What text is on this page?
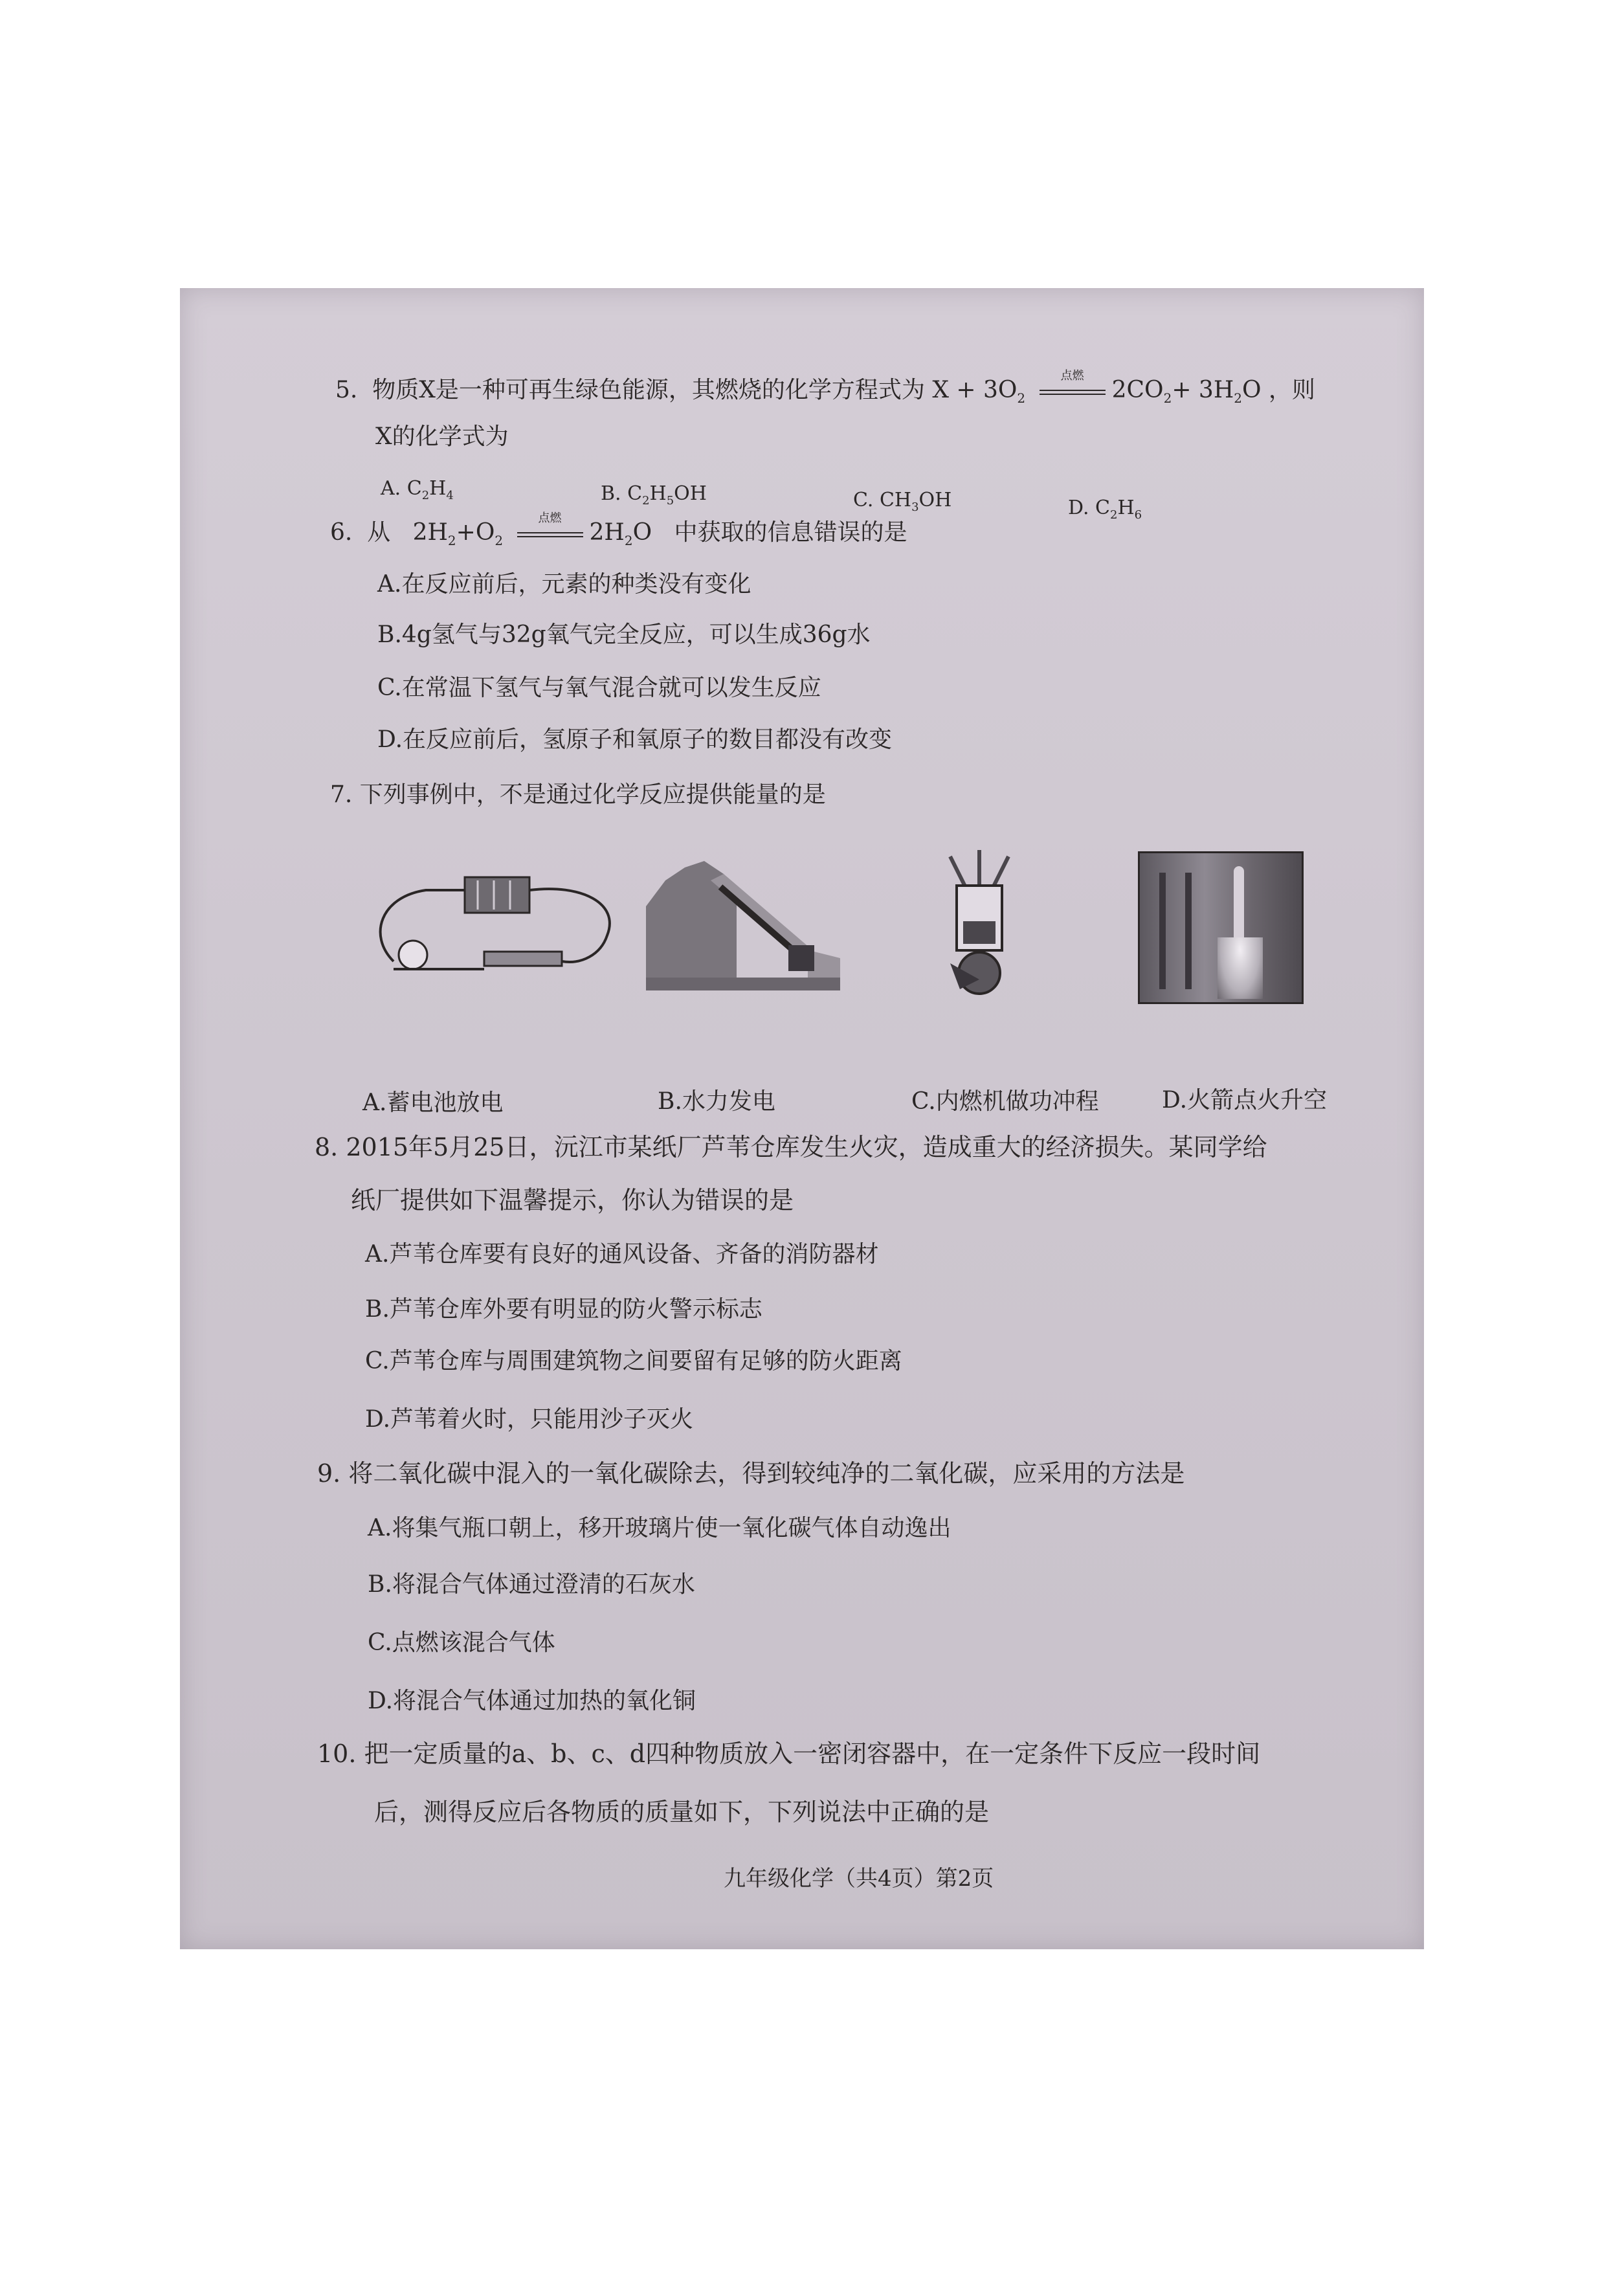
5. 物质X是一种可再生绿色能源，其燃烧的化学方程式为 $X + 3O_2$
点燃
$2CO_2+ 3H_2O$ ，则
X的化学式为
A. $C_2H_4$	B. $C_2H_5OH$	C. $CH_3OH$	D. $C_2H_6$
6. 从 $2H_2+O_2$
点燃
$2H_2O$ 中获取的信息错误的是
A.在反应前后，元素的种类没有变化
B.4g氢气与32g氧气完全反应，可以生成36g水
C.在常温下氢气与氧气混合就可以发生反应
D.在反应前后，氢原子和氧原子的数目都没有改变
7. 下列事例中，不是通过化学反应提供能量的是
A.蓄电池放电	B.水力发电	C.内燃机做功冲程	D.火箭点火升空
8. 2015年5月25日，沅江市某纸厂芦苇仓库发生火灾，造成重大的经济损失。某同学给
纸厂提供如下温馨提示，你认为错误的是
A.芦苇仓库要有良好的通风设备、齐备的消防器材
B.芦苇仓库外要有明显的防火警示标志
C.芦苇仓库与周围建筑物之间要留有足够的防火距离
D.芦苇着火时，只能用沙子灭火
9. 将二氧化碳中混入的一氧化碳除去，得到较纯净的二氧化碳，应采用的方法是
A.将集气瓶口朝上，移开玻璃片使一氧化碳气体自动逸出
B.将混合气体通过澄清的石灰水
C.点燃该混合气体
D.将混合气体通过加热的氧化铜
10. 把一定质量的a、b、c、d四种物质放入一密闭容器中，在一定条件下反应一段时间
后，测得反应后各物质的质量如下，下列说法中正确的是
九年级化学（共4页）第2页
